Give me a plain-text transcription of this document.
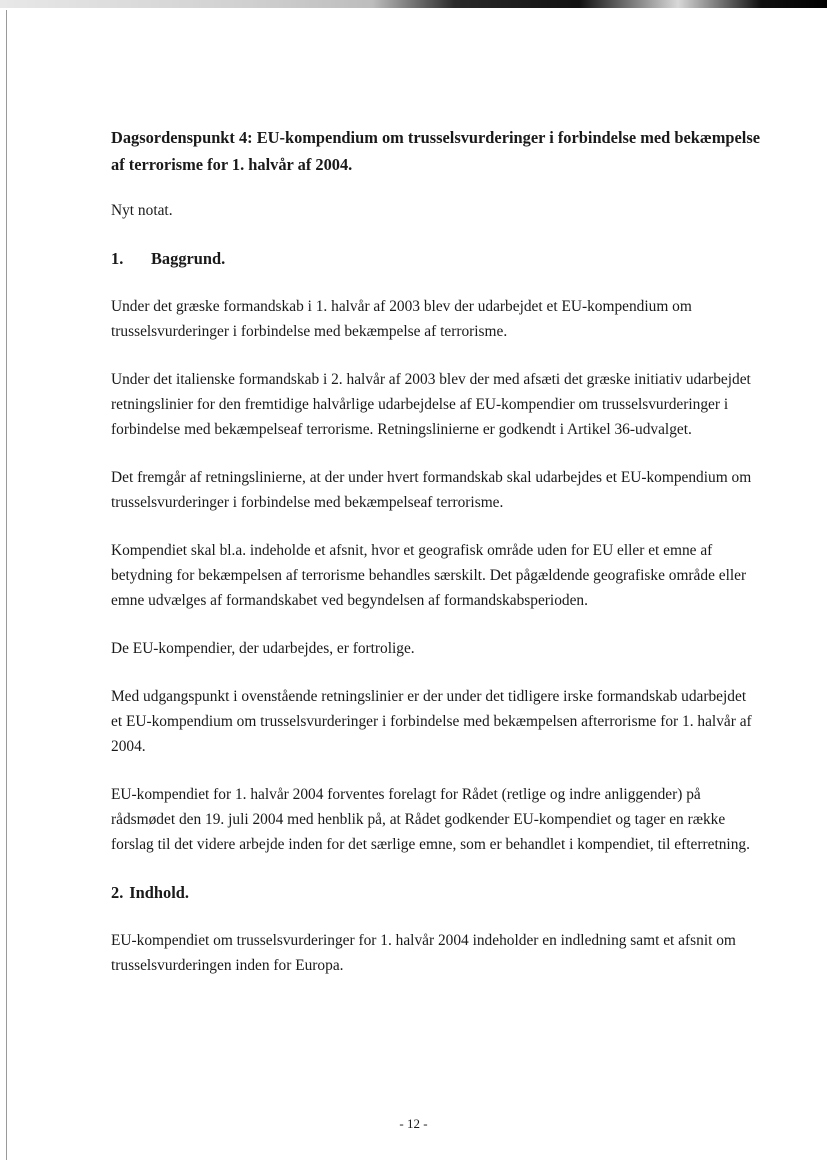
Dagsordenspunkt 4: EU-kompendium om trusselsvurderinger i forbindelse med bekæmpelse af terrorisme for 1. halvår af 2004.

Nyt notat.

1. Baggrund.

Under det græske formandskab i 1. halvår af 2003 blev der udarbejdet et EU-kompendium om trusselsvurderinger i forbindelse med bekæmpelse af terrorisme.

Under det italienske formandskab i 2. halvår af 2003 blev der med afsæti det græske initiativ udarbejdet retningslinier for den fremtidige halvårlige udarbejdelse af EU-kompendier om trusselsvurderinger i forbindelse med bekæmpelseaf terrorisme. Retningslinierne er godkendt i Artikel 36-udvalget.

Det fremgår af retningslinierne, at der under hvert formandskab skal udarbejdes et EU-kompendium om trusselsvurderinger i forbindelse med bekæmpelseaf terrorisme.

Kompendiet skal bl.a. indeholde et afsnit, hvor et geografisk område uden for EU eller et emne af betydning for bekæmpelsen af terrorisme behandles særskilt. Det pågældende geografiske område eller emne udvælges af formandskabet ved begyndelsen af formandskabsperioden.

De EU-kompendier, der udarbejdes, er fortrolige.

Med udgangspunkt i ovenstående retningslinier er der under det tidligere irske formandskab udarbejdet et EU-kompendium om trusselsvurderinger i forbindelse med bekæmpelsen afterrorisme for 1. halvår af 2004.

EU-kompendiet for 1. halvår 2004 forventes forelagt for Rådet (retlige og indre anliggender) på rådsmødet den 19. juli 2004 med henblik på, at Rådet godkender EU-kompendiet og tager en række forslag til det videre arbejde inden for det særlige emne, som er behandlet i kompendiet, til efterretning.

2. Indhold.

EU-kompendiet om trusselsvurderinger for 1. halvår 2004 indeholder en indledning samt et afsnit om trusselsvurderingen inden for Europa.

- 12 -
